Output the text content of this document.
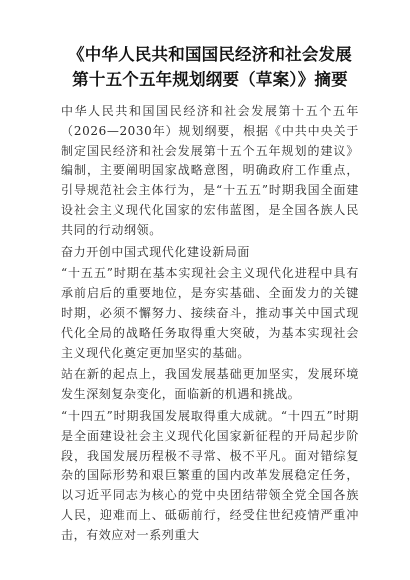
《中华人民共和国国民经济和社会发展第十五个五年规划纲要（草案）》摘要

中华人民共和国国民经济和社会发展第十五个五年（2026—2030年）规划纲要，根据《中共中央关于制定国民经济和社会发展第十五个五年规划的建议》编制，主要阐明国家战略意图，明确政府工作重点，引导规范社会主体行为，是“十五五”时期我国全面建设社会主义现代化国家的宏伟蓝图，是全国各族人民共同的行动纲领。

奋力开创中国式现代化建设新局面

“十五五”时期在基本实现社会主义现代化进程中具有承前启后的重要地位，是夯实基础、全面发力的关键时期，必须不懈努力、接续奋斗，推动事关中国式现代化全局的战略任务取得重大突破，为基本实现社会主义现代化奠定更加坚实的基础。

站在新的起点上，我国发展基础更加坚实，发展环境发生深刻复杂变化，面临新的机遇和挑战。

“十四五”时期我国发展取得重大成就。“十四五”时期是全面建设社会主义现代化国家新征程的开局起步阶段，我国发展历程极不寻常、极不平凡。面对错综复杂的国际形势和艰巨繁重的国内改革发展稳定任务，以习近平同志为核心的党中央团结带领全党全国各族人民，迎难而上、砥砺前行，经受住世纪疫情严重冲击，有效应对一系列重大
